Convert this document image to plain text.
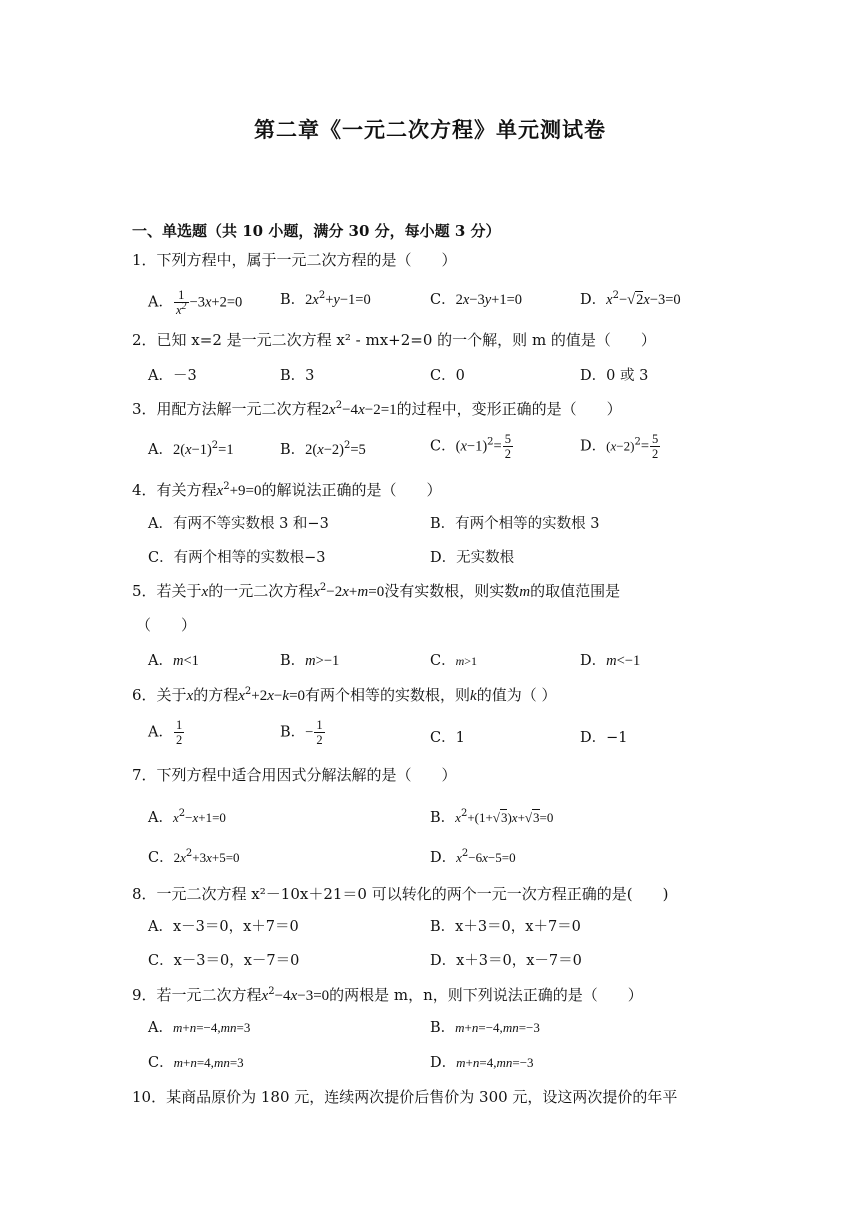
第二章《一元二次方程》单元测试卷
一、单选题（共 10 小题，满分 30 分，每小题 3 分）
1．下列方程中，属于一元二次方程的是（　　）
A． $\frac{1}{x^2} -3x+2=0$	B．$2x^2+y-1=0$	C．2x−3y+1=0	D．$x^2-√2x-3=0$
2．已知 x=2 是一元二次方程 x² - mx+2=0 的一个解，则 m 的值是（　　）
A．－3	B．3	C．0	D．0 或 3
3．用配方法解一元二次方程$2x^2-4x-2=1$的过程中，变形正确的是（　　）
A．$2(x-1)^2=1$	B．$2(x-2)^2=5$	C．$(x-1)^2= \frac{5}{2}$	D．$(x-2)^2= \frac{5}{2}$
4．有关方程$x^2+9=0$的解说法正确的是（　　）
A．有两不等实数根 3 和−3	B．有两个相等的实数根 3
C．有两个相等的实数根−3	D．无实数根
5．若关于x的一元二次方程$x^2-2x+m=0$没有实数根，则实数m的取值范围是
（　　）
A．m<1	B．m>−1	C．m>1	D．m<−1
6．关于x的方程$x^2+2x-k=0$有两个相等的实数根，则k的值为（ ）
A． $\frac{1}{2}$	B．− $\frac{1}{2}$	C．1	D．−1
7．下列方程中适合用因式分解法解的是（　　）
A．$x^2-x+1=0$	B．$x^2+(1+√3)x+√3=0$
C．$2x^2+3x+5=0$	D．$x^2-6x-5=0$
8．一元二次方程 x²－10x＋21＝0 可以转化的两个一元一次方程正确的是(　　)
A．x－3＝0，x＋7＝0	B．x＋3＝0，x＋7＝0
C．x－3＝0，x－7＝0	D．x＋3＝0，x－7＝0
9．若一元二次方程$x^2-4x-3=0$的两根是 m，n，则下列说法正确的是（　　）
A．m+n=−4,mn=3	B．m+n=−4,mn=−3
C．m+n=4,mn=3	D．m+n=4,mn=−3
10．某商品原价为 180 元，连续两次提价后售价为 300 元，设这两次提价的年平
